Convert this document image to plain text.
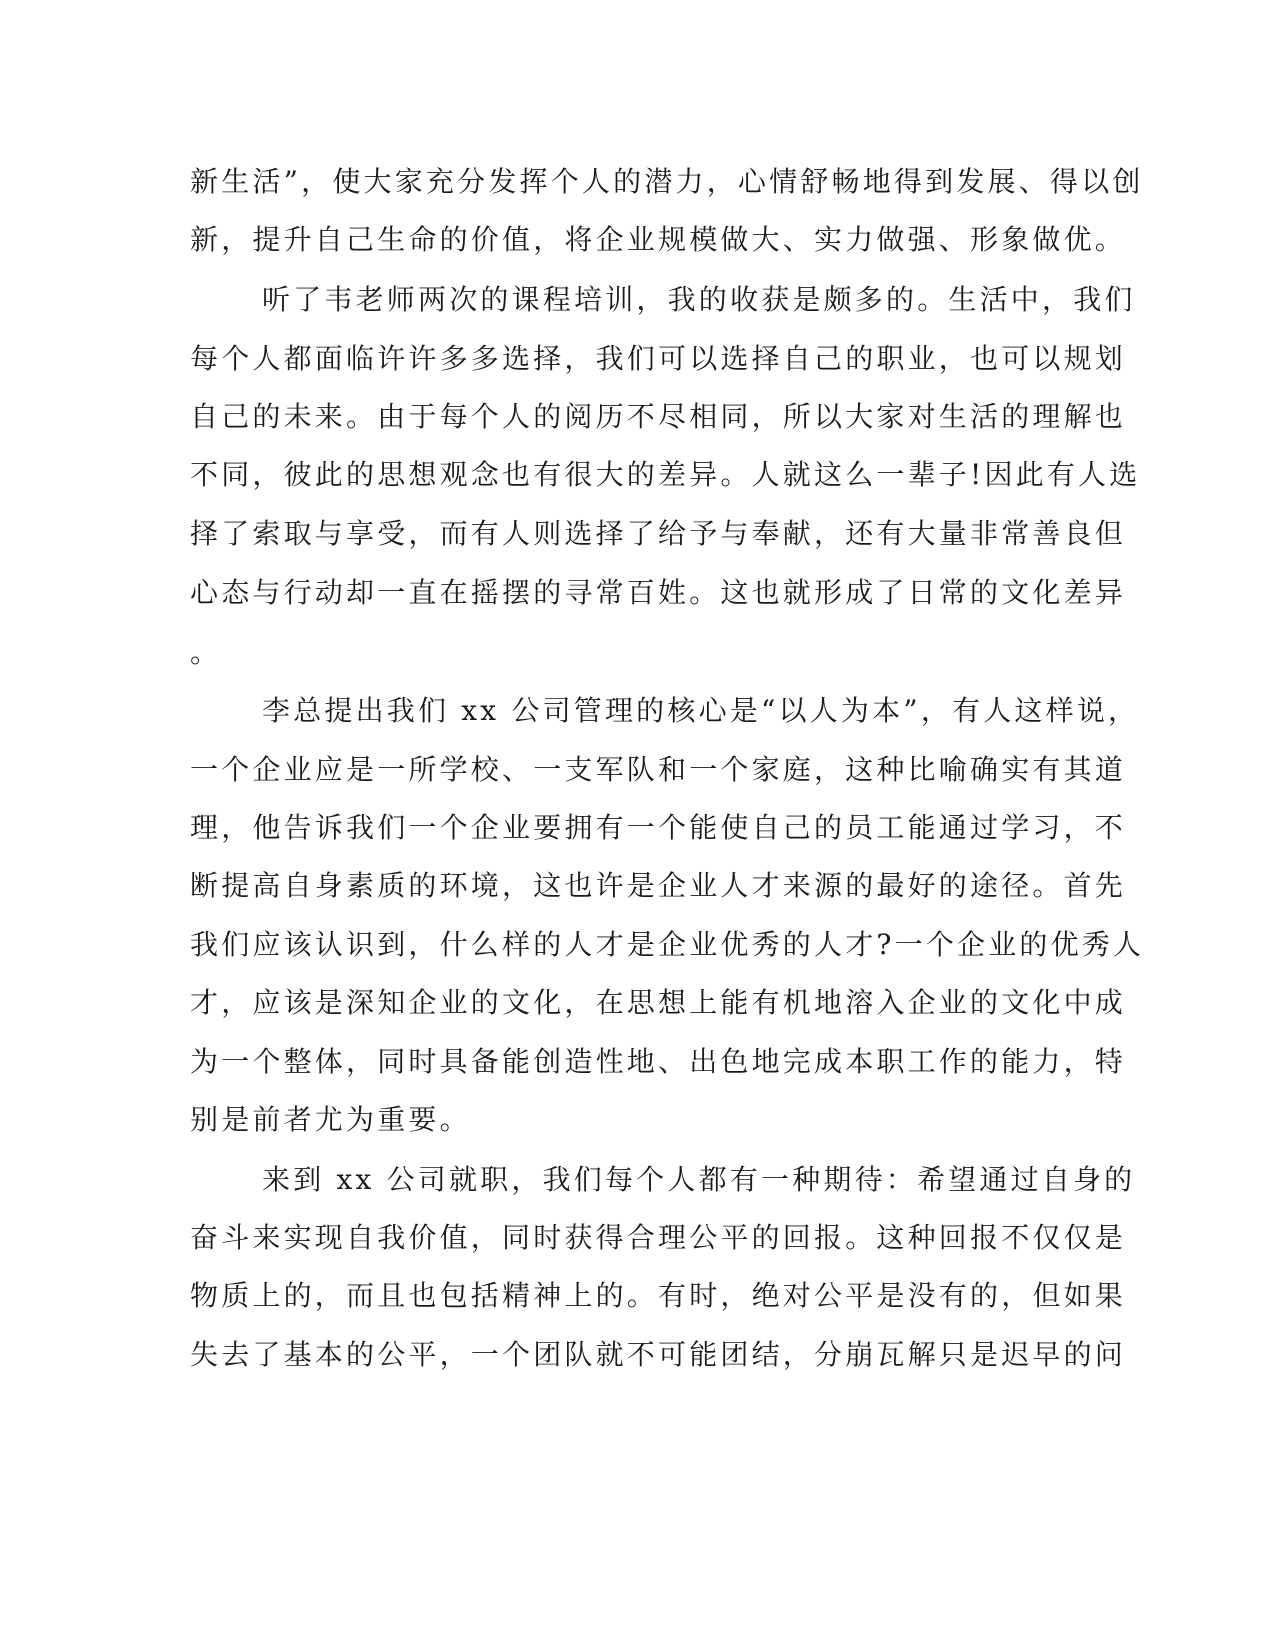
新生活”，使大家充分发挥个人的潜力，心情舒畅地得到发展、得以创
新，提升自己生命的价值，将企业规模做大、实力做强、形象做优。
听了韦老师两次的课程培训，我的收获是颇多的。生活中，我们
每个人都面临许许多多选择，我们可以选择自己的职业，也可以规划
自己的未来。由于每个人的阅历不尽相同，所以大家对生活的理解也
不同，彼此的思想观念也有很大的差异。人就这么一辈子!因此有人选
择了索取与享受，而有人则选择了给予与奉献，还有大量非常善良但
心态与行动却一直在摇摆的寻常百姓。这也就形成了日常的文化差异
。
李总提出我们 xx 公司管理的核心是“以人为本”，有人这样说，
一个企业应是一所学校、一支军队和一个家庭，这种比喻确实有其道
理，他告诉我们一个企业要拥有一个能使自己的员工能通过学习，不
断提高自身素质的环境，这也许是企业人才来源的最好的途径。首先
我们应该认识到，什么样的人才是企业优秀的人才?一个企业的优秀人
才，应该是深知企业的文化，在思想上能有机地溶入企业的文化中成
为一个整体，同时具备能创造性地、出色地完成本职工作的能力，特
别是前者尤为重要。
来到 xx 公司就职，我们每个人都有一种期待：希望通过自身的
奋斗来实现自我价值，同时获得合理公平的回报。这种回报不仅仅是
物质上的，而且也包括精神上的。有时，绝对公平是没有的，但如果
失去了基本的公平，一个团队就不可能团结，分崩瓦解只是迟早的问
